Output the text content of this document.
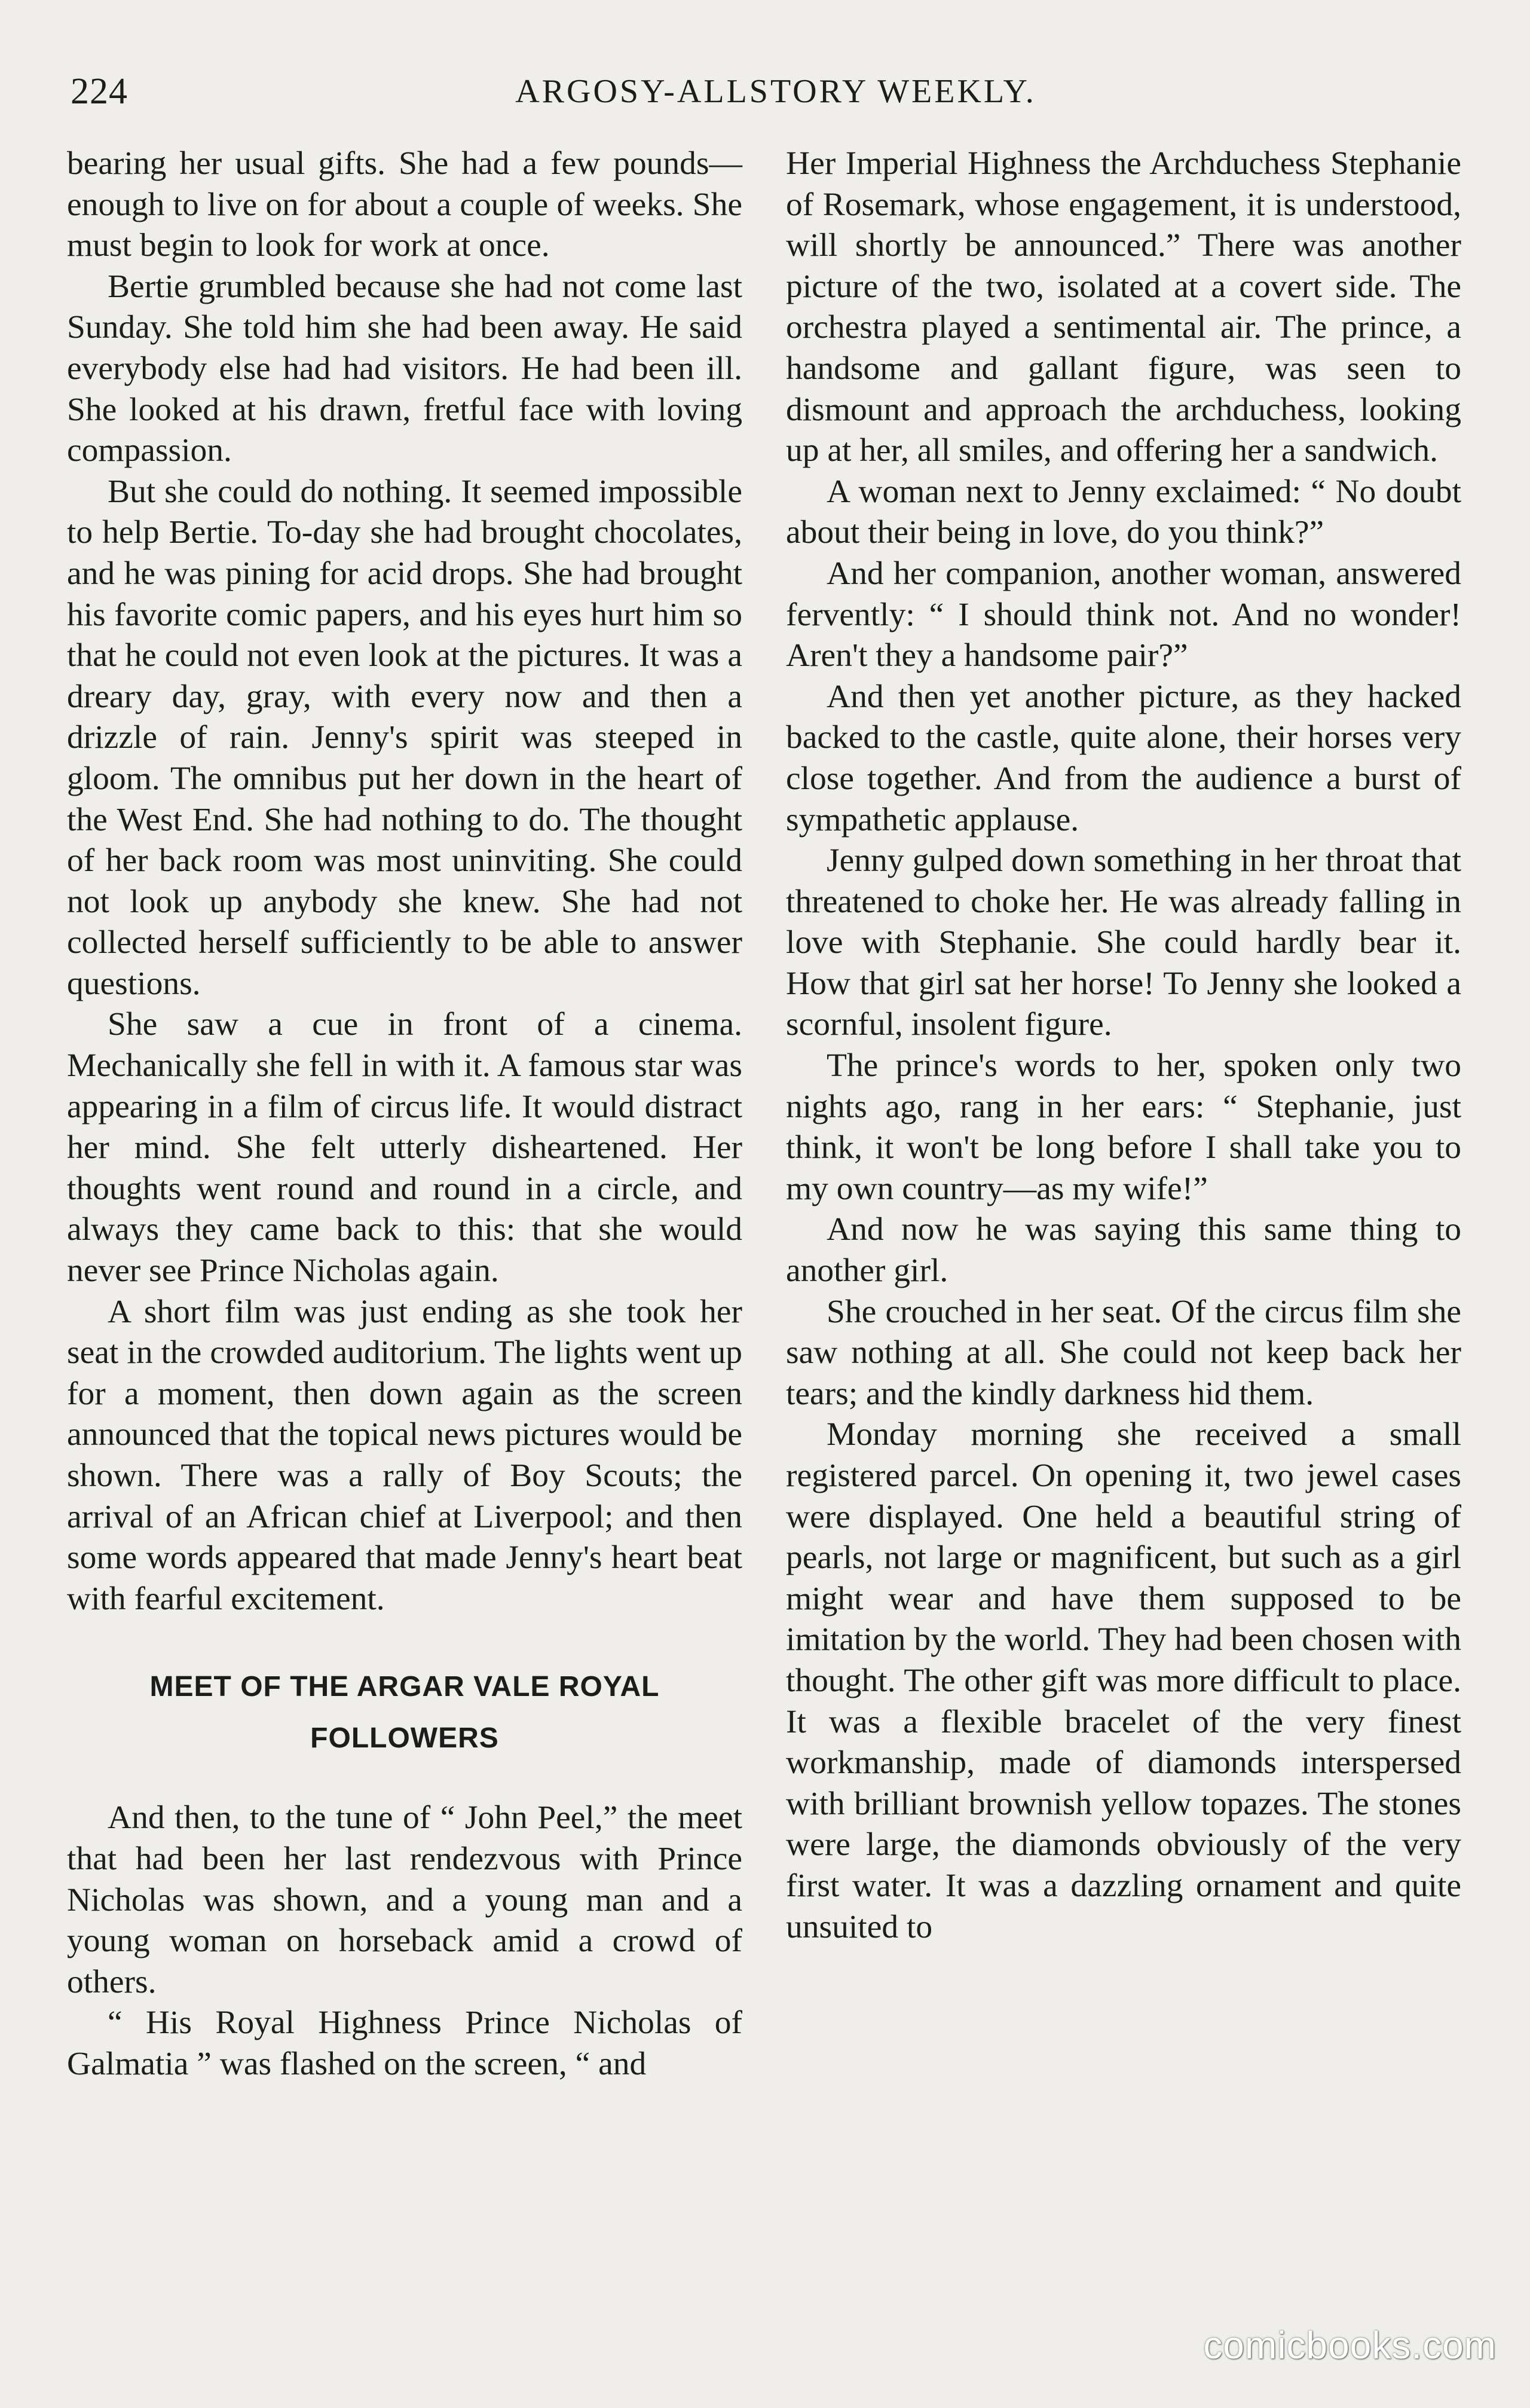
224	ARGOSY-ALLSTORY WEEKLY.

bearing her usual gifts. She had a few pounds—enough to live on for about a couple of weeks. She must begin to look for work at once.

Bertie grumbled because she had not come last Sunday. She told him she had been away. He said everybody else had had visitors. He had been ill. She looked at his drawn, fretful face with loving compassion.

But she could do nothing. It seemed impossible to help Bertie. To-day she had brought chocolates, and he was pining for acid drops. She had brought his favorite comic papers, and his eyes hurt him so that he could not even look at the pictures. It was a dreary day, gray, with every now and then a drizzle of rain. Jenny's spirit was steeped in gloom. The omnibus put her down in the heart of the West End. She had nothing to do. The thought of her back room was most uninviting. She could not look up anybody she knew. She had not collected herself sufficiently to be able to answer questions.

She saw a cue in front of a cinema. Mechanically she fell in with it. A famous star was appearing in a film of circus life. It would distract her mind. She felt utterly disheartened. Her thoughts went round and round in a circle, and always they came back to this: that she would never see Prince Nicholas again.

A short film was just ending as she took her seat in the crowded auditorium. The lights went up for a moment, then down again as the screen announced that the topical news pictures would be shown. There was a rally of Boy Scouts; the arrival of an African chief at Liverpool; and then some words appeared that made Jenny's heart beat with fearful excitement.

MEET OF THE ARGAR VALE ROYAL
FOLLOWERS

And then, to the tune of “ John Peel,” the meet that had been her last rendezvous with Prince Nicholas was shown, and a young man and a young woman on horseback amid a crowd of others.

“ His Royal Highness Prince Nicholas of Galmatia ” was flashed on the screen, “ and

Her Imperial Highness the Archduchess Stephanie of Rosemark, whose engagement, it is understood, will shortly be announced.” There was another picture of the two, isolated at a covert side. The orchestra played a sentimental air. The prince, a handsome and gallant figure, was seen to dismount and approach the archduchess, looking up at her, all smiles, and offering her a sandwich.

A woman next to Jenny exclaimed: “ No doubt about their being in love, do you think?”

And her companion, another woman, answered fervently: “ I should think not. And no wonder! Aren't they a handsome pair?”

And then yet another picture, as they hacked backed to the castle, quite alone, their horses very close together. And from the audience a burst of sympathetic applause.

Jenny gulped down something in her throat that threatened to choke her. He was already falling in love with Stephanie. She could hardly bear it. How that girl sat her horse! To Jenny she looked a scornful, insolent figure.

The prince's words to her, spoken only two nights ago, rang in her ears: “ Stephanie, just think, it won't be long before I shall take you to my own country—as my wife!”

And now he was saying this same thing to another girl.

She crouched in her seat. Of the circus film she saw nothing at all. She could not keep back her tears; and the kindly darkness hid them.

Monday morning she received a small registered parcel. On opening it, two jewel cases were displayed. One held a beautiful string of pearls, not large or magnificent, but such as a girl might wear and have them supposed to be imitation by the world. They had been chosen with thought. The other gift was more difficult to place. It was a flexible bracelet of the very finest workmanship, made of diamonds interspersed with brilliant brownish yellow topazes. The stones were large, the diamonds obviously of the very first water. It was a dazzling ornament and quite unsuited to

comicbooks.com
